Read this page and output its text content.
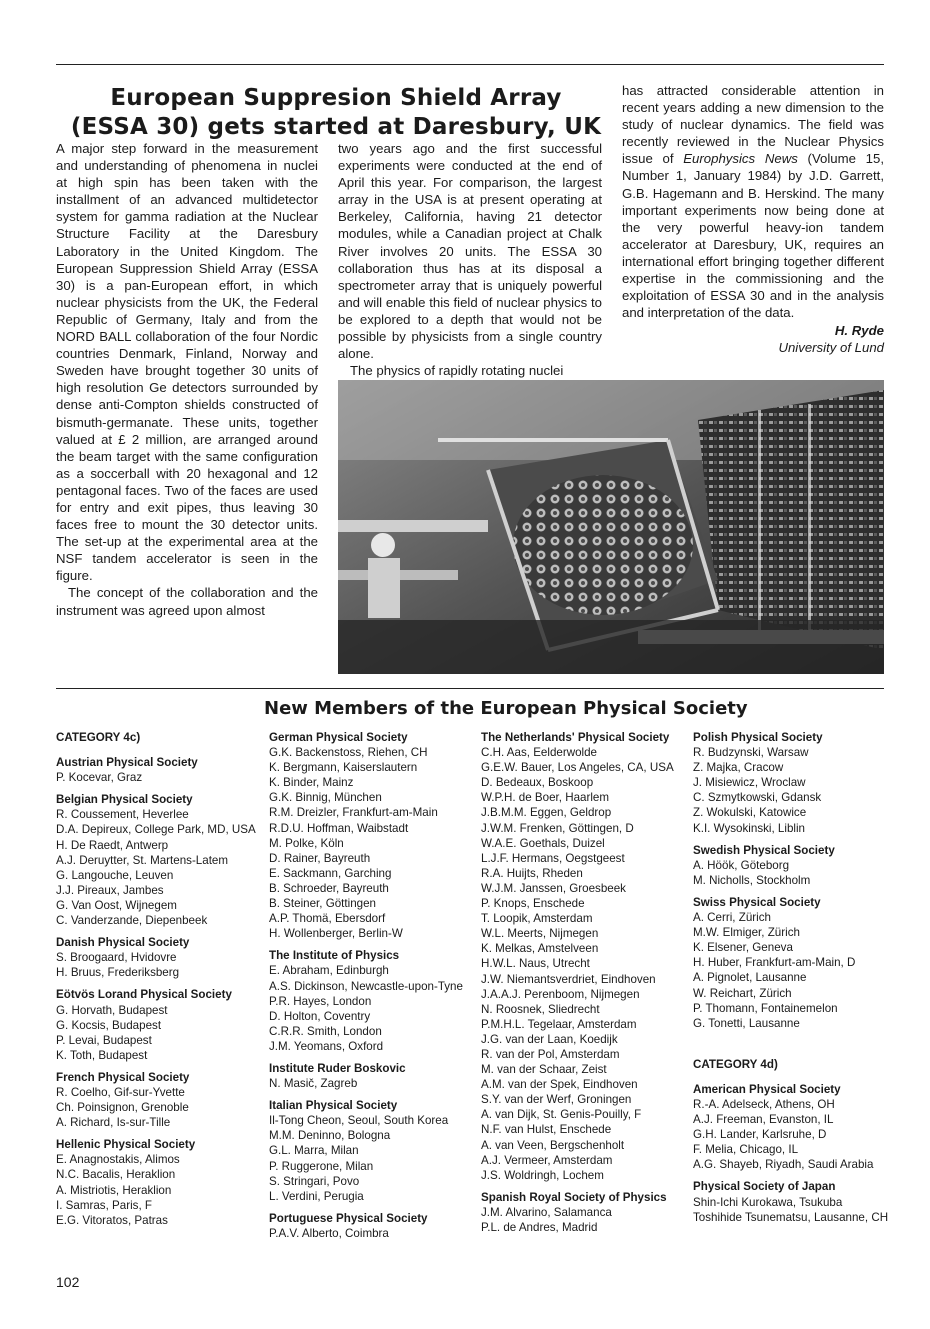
European Suppresion Shield Array
(ESSA 30) gets started at Daresbury, UK

A major step forward in the measurement and understanding of phenomena in nuclei at high spin has been taken with the installment of an advanced multidetector system for gamma radiation at the Nuclear Structure Facility at the Daresbury Laboratory in the United Kingdom. The European Suppression Shield Array (ESSA 30) is a pan-European effort, in which nuclear physicists from the UK, the Federal Republic of Germany, Italy and from the NORD BALL collaboration of the four Nordic countries Denmark, Finland, Norway and Sweden have brought together 30 units of high resolution Ge detectors surrounded by dense anti-Compton shields constructed of bismuth-germanate. These units, together valued at £ 2 million, are arranged around the beam target with the same configuration as a soccerball with 20 hexagonal and 12 pentagonal faces. Two of the faces are used for entry and exit pipes, thus leaving 30 faces free to mount the 30 detector units. The set-up at the experimental area at the NSF tandem accelerator is seen in the figure.

The concept of the collaboration and the instrument was agreed upon almost

two years ago and the first successful experiments were conducted at the end of April this year. For comparison, the largest array in the USA is at present operating at Berkeley, California, having 21 detector modules, while a Canadian project at Chalk River involves 20 units. The ESSA 30 collaboration thus has at its disposal a spectrometer array that is uniquely powerful and will enable this field of nuclear physics to be explored to a depth that would not be possible by physicists from a single country alone.

The physics of rapidly rotating nuclei

has attracted considerable attention in recent years adding a new dimension to the study of nuclear dynamics. The field was recently reviewed in the Nuclear Physics issue of Europhysics News (Volume 15, Number 1, January 1984) by J.D. Garrett, G.B. Hagemann and B. Herskind. The many important experiments now being done at the very powerful heavy-ion tandem accelerator at Daresbury, UK, requires an international effort bringing together different expertise in the commissioning and the exploitation of ESSA 30 and in the analysis and interpretation of the data.

H. Ryde
University of Lund
New Members of the European Physical Society
CATEGORY 4c)
Austrian Physical Society
P. Kocevar, Graz
Belgian Physical Society
R. Coussement, Heverlee
D.A. Depireux, College Park, MD, USA
H. De Raedt, Antwerp
A.J. Deruytter, St. Martens-Latem
G. Langouche, Leuven
J.J. Pireaux, Jambes
G. Van Oost, Wijnegem
C. Vanderzande, Diepenbeek
Danish Physical Society
S. Broogaard, Hvidovre
H. Bruus, Frederiksberg
Eötvös Lorand Physical Society
G. Horvath, Budapest
G. Kocsis, Budapest
P. Levai, Budapest
K. Toth, Budapest
French Physical Society
R. Coelho, Gif-sur-Yvette
Ch. Poinsignon, Grenoble
A. Richard, Is-sur-Tille
Hellenic Physical Society
E. Anagnostakis, Alimos
N.C. Bacalis, Heraklion
A. Mistriotis, Heraklion
I. Samras, Paris, F
E.G. Vitoratos, Patras
German Physical Society
G.K. Backenstoss, Riehen, CH
K. Bergmann, Kaiserslautern
K. Binder, Mainz
G.K. Binnig, München
R.M. Dreizler, Frankfurt-am-Main
R.D.U. Hoffman, Waibstadt
M. Polke, Köln
D. Rainer, Bayreuth
E. Sackmann, Garching
B. Schroeder, Bayreuth
B. Steiner, Göttingen
A.P. Thomä, Ebersdorf
H. Wollenberger, Berlin-W
The Institute of Physics
E. Abraham, Edinburgh
A.S. Dickinson, Newcastle-upon-Tyne
P.R. Hayes, London
D. Holton, Coventry
C.R.R. Smith, London
J.M. Yeomans, Oxford
Institute Ruder Boskovic
N. Masič, Zagreb
Italian Physical Society
Il-Tong Cheon, Seoul, South Korea
M.M. Deninno, Bologna
G.L. Marra, Milan
P. Ruggerone, Milan
S. Stringari, Povo
L. Verdini, Perugia
Portuguese Physical Society
P.A.V. Alberto, Coimbra
The Netherlands' Physical Society
C.H. Aas, Eelderwolde
G.E.W. Bauer, Los Angeles, CA, USA
D. Bedeaux, Boskoop
W.P.H. de Boer, Haarlem
J.B.M.M. Eggen, Geldrop
J.W.M. Frenken, Göttingen, D
W.A.E. Goethals, Duizel
L.J.F. Hermans, Oegstgeest
R.A. Huijts, Rheden
W.J.M. Janssen, Groesbeek
P. Knops, Enschede
T. Loopik, Amsterdam
W.L. Meerts, Nijmegen
K. Melkas, Amstelveen
H.W.L. Naus, Utrecht
J.W. Niemantsverdriet, Eindhoven
J.A.A.J. Perenboom, Nijmegen
N. Roosnek, Sliedrecht
P.M.H.L. Tegelaar, Amsterdam
J.G. van der Laan, Koedijk
R. van der Pol, Amsterdam
M. van der Schaar, Zeist
A.M. van der Spek, Eindhoven
S.Y. van der Werf, Groningen
A. van Dijk, St. Genis-Pouilly, F
N.F. van Hulst, Enschede
A. van Veen, Bergschenholt
A.J. Vermeer, Amsterdam
J.S. Woldringh, Lochem
Spanish Royal Society of Physics
J.M. Alvarino, Salamanca
P.L. de Andres, Madrid
Polish Physical Society
R. Budzynski, Warsaw
Z. Majka, Cracow
J. Misiewicz, Wroclaw
C. Szmytkowski, Gdansk
Z. Wokulski, Katowice
K.I. Wysokinski, Liblin
Swedish Physical Society
A. Höök, Göteborg
M. Nicholls, Stockholm
Swiss Physical Society
A. Cerri, Zürich
M.W. Elmiger, Zürich
K. Elsener, Geneva
H. Huber, Frankfurt-am-Main, D
A. Pignolet, Lausanne
W. Reichart, Zürich
P. Thomann, Fontainemelon
G. Tonetti, Lausanne
CATEGORY 4d)
American Physical Society
R.-A. Adelseck, Athens, OH
A.J. Freeman, Evanston, IL
G.H. Lander, Karlsruhe, D
F. Melia, Chicago, IL
A.G. Shayeb, Riyadh, Saudi Arabia
Physical Society of Japan
Shin-Ichi Kurokawa, Tsukuba
Toshihide Tsunematsu, Lausanne, CH
102
